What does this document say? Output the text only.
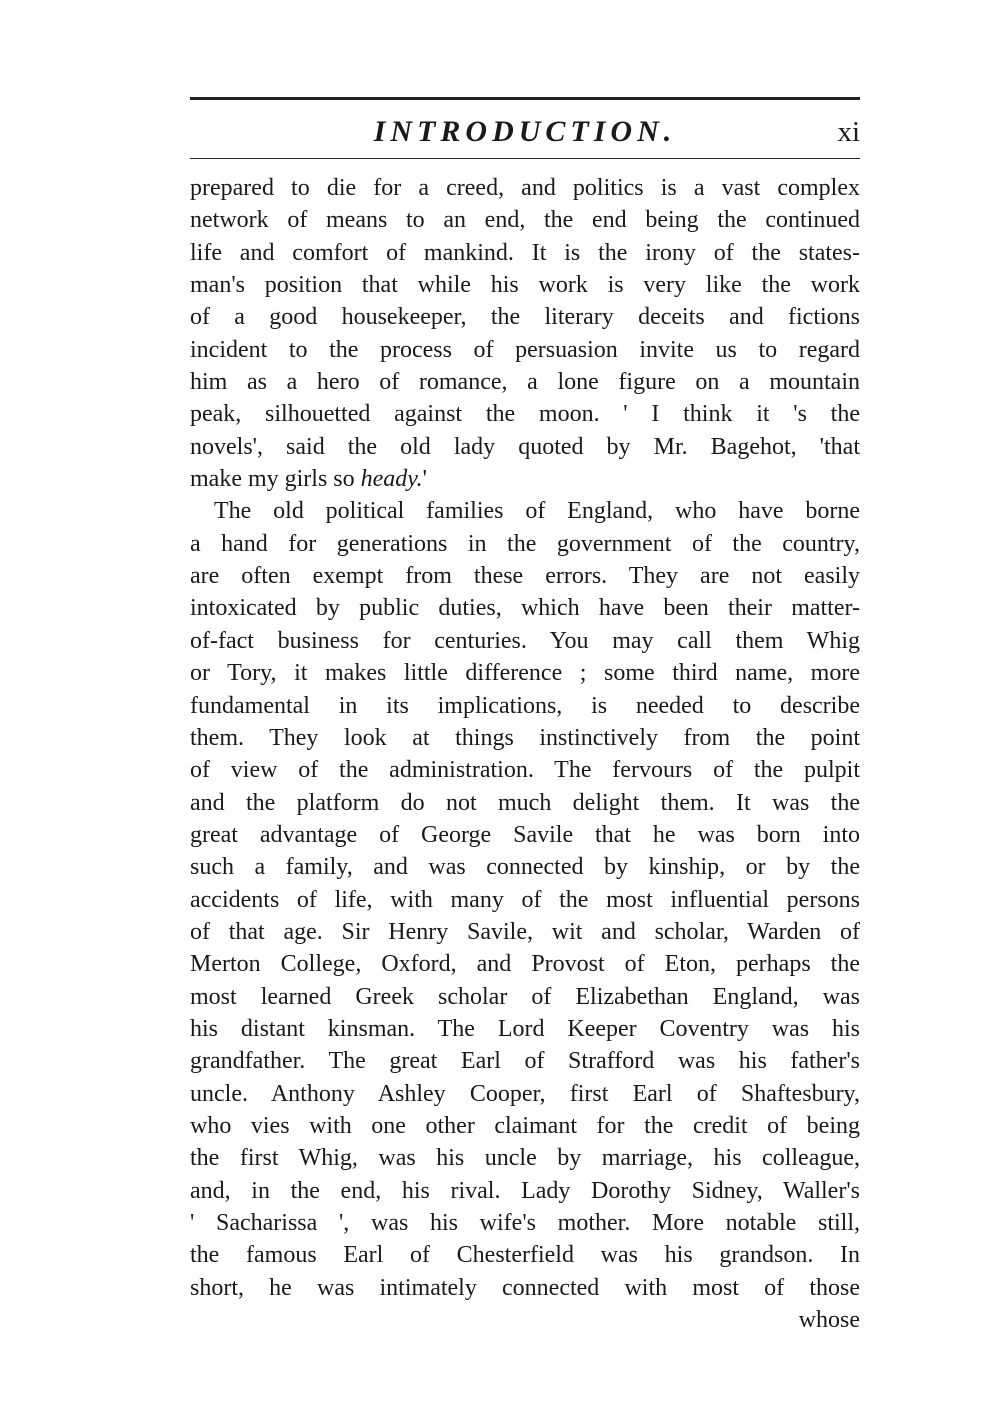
INTRODUCTION.	xi
prepared to die for a creed, and politics is a vast complex
network of means to an end, the end being the continued
life and comfort of mankind. It is the irony of the states-
man's position that while his work is very like the work
of a good housekeeper, the literary deceits and fictions
incident to the process of persuasion invite us to regard
him as a hero of romance, a lone figure on a mountain
peak, silhouetted against the moon. ' I think it 's the
novels', said the old lady quoted by Mr. Bagehot, 'that
make my girls so heady.'
The old political families of England, who have borne
a hand for generations in the government of the country,
are often exempt from these errors. They are not easily
intoxicated by public duties, which have been their matter-
of-fact business for centuries. You may call them Whig
or Tory, it makes little difference ; some third name, more
fundamental in its implications, is needed to describe
them. They look at things instinctively from the point
of view of the administration. The fervours of the pulpit
and the platform do not much delight them. It was the
great advantage of George Savile that he was born into
such a family, and was connected by kinship, or by the
accidents of life, with many of the most influential persons
of that age. Sir Henry Savile, wit and scholar, Warden of
Merton College, Oxford, and Provost of Eton, perhaps the
most learned Greek scholar of Elizabethan England, was
his distant kinsman. The Lord Keeper Coventry was his
grandfather. The great Earl of Strafford was his father's
uncle. Anthony Ashley Cooper, first Earl of Shaftesbury,
who vies with one other claimant for the credit of being
the first Whig, was his uncle by marriage, his colleague,
and, in the end, his rival. Lady Dorothy Sidney, Waller's
' Sacharissa ', was his wife's mother. More notable still,
the famous Earl of Chesterfield was his grandson. In
short, he was intimately connected with most of those
whose
